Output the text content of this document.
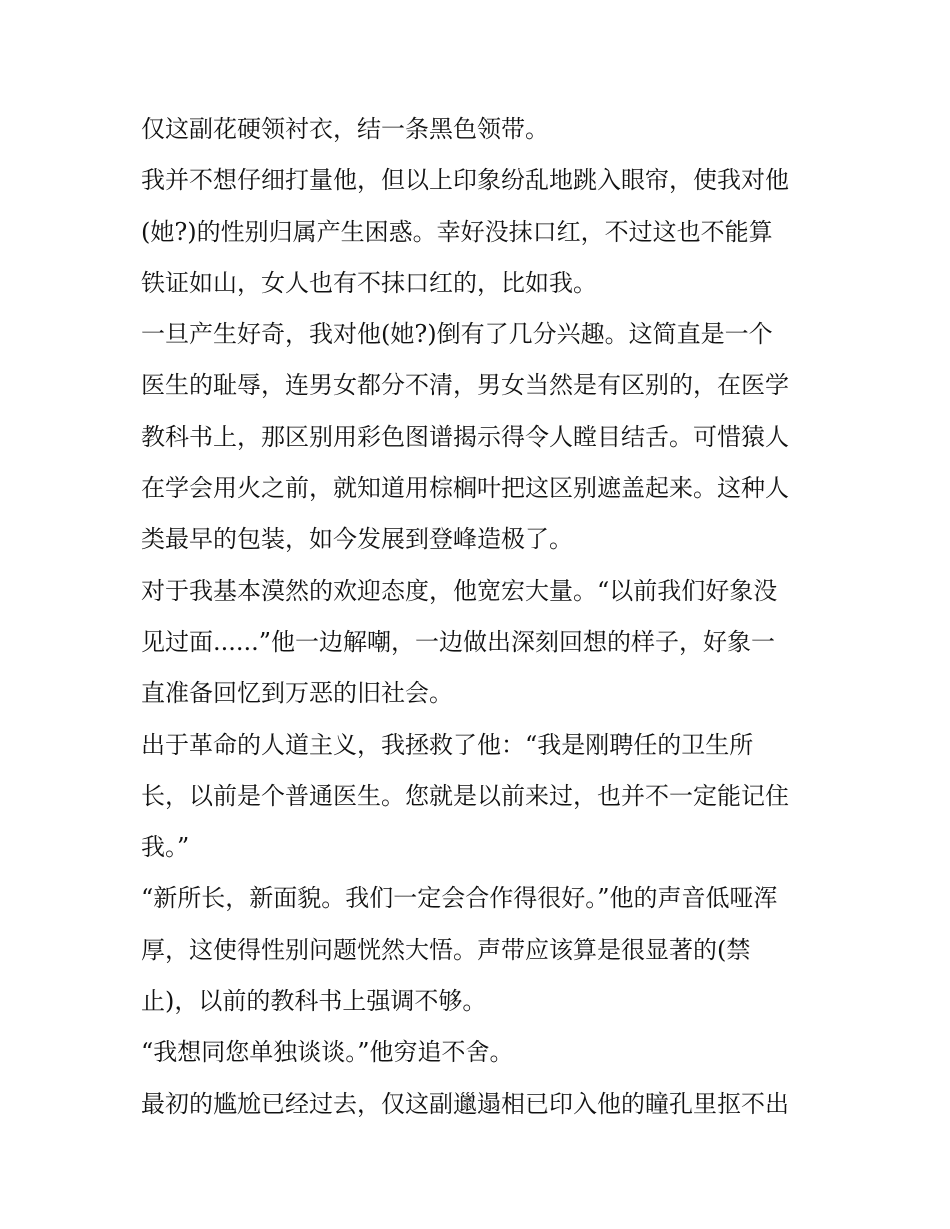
仅这副花硬领衬衣，结一条黑色领带。
我并不想仔细打量他，但以上印象纷乱地跳入眼帘，使我对他
(她?)的性别归属产生困惑。幸好没抹口红，不过这也不能算
铁证如山，女人也有不抹口红的，比如我。
一旦产生好奇，我对他(她?)倒有了几分兴趣。这简直是一个
医生的耻辱，连男女都分不清，男女当然是有区别的，在医学
教科书上，那区别用彩色图谱揭示得令人瞠目结舌。可惜猿人
在学会用火之前，就知道用棕榈叶把这区别遮盖起来。这种人
类最早的包装，如今发展到登峰造极了。
对于我基本漠然的欢迎态度，他宽宏大量。“以前我们好象没
见过面......”他一边解嘲，一边做出深刻回想的样子，好象一
直准备回忆到万恶的旧社会。
出于革命的人道主义，我拯救了他：“我是刚聘任的卫生所
长，以前是个普通医生。您就是以前来过，也并不一定能记住
我。”
“新所长，新面貌。我们一定会合作得很好。”他的声音低哑浑
厚，这使得性别问题恍然大悟。声带应该算是很显著的(禁
止)，以前的教科书上强调不够。
“我想同您单独谈谈。”他穷追不舍。
最初的尴尬已经过去，仅这副邋遢相已印入他的瞳孔里抠不出
